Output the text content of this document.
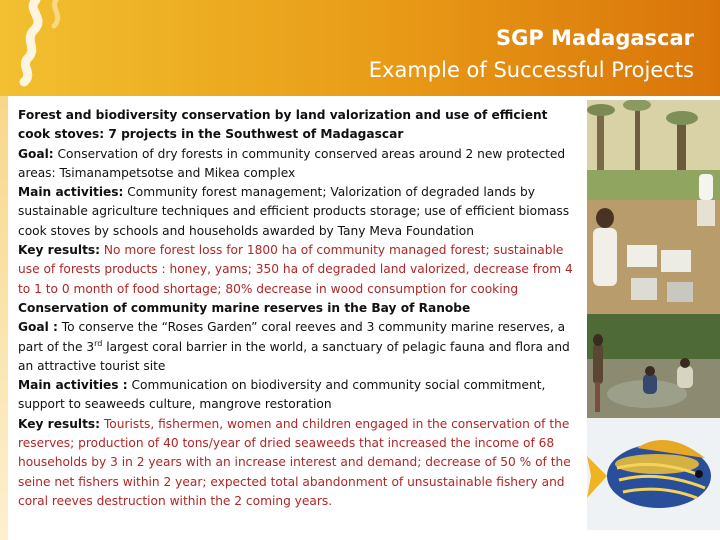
SGP Madagascar
Example of Successful Projects

Forest and biodiversity conservation by land valorization and use of efficient cook stoves: 7 projects in the Southwest of Madagascar

Goal: Conservation of dry forests in community conserved areas around 2 new protected areas: Tsimanampetsotse and Mikea complex

Main activities: Community forest management; Valorization of degraded lands by sustainable agriculture techniques and efficient products storage; use of efficient biomass cook stoves by schools and households awarded by Tany Meva Foundation

Key results: No more forest loss for 1800 ha of community managed forest; sustainable use of forests products : honey, yams; 350 ha of degraded land valorized, decrease from 4 to 1 to 0 month of food shortage; 80% decrease in wood consumption for cooking

Conservation of community marine reserves in the Bay of Ranobe

Goal : To conserve the “Roses Garden” coral reeves and 3 community marine reserves, a part of the 3rd largest coral barrier in the world, a sanctuary of pelagic fauna and flora and an attractive tourist site

Main activities : Communication on biodiversity and community social commitment, support to seaweeds culture, mangrove restoration

Key results: Tourists, fishermen, women and children engaged in the conservation of the reserves; production of 40 tons/year of dried seaweeds that increased the income of 68 households by 3 in 2 years with an increase interest and demand; decrease of 50 % of the seine net fishers within 2 year; expected total abandonment of unsustainable fishery and coral reeves destruction within the 2 coming years.
